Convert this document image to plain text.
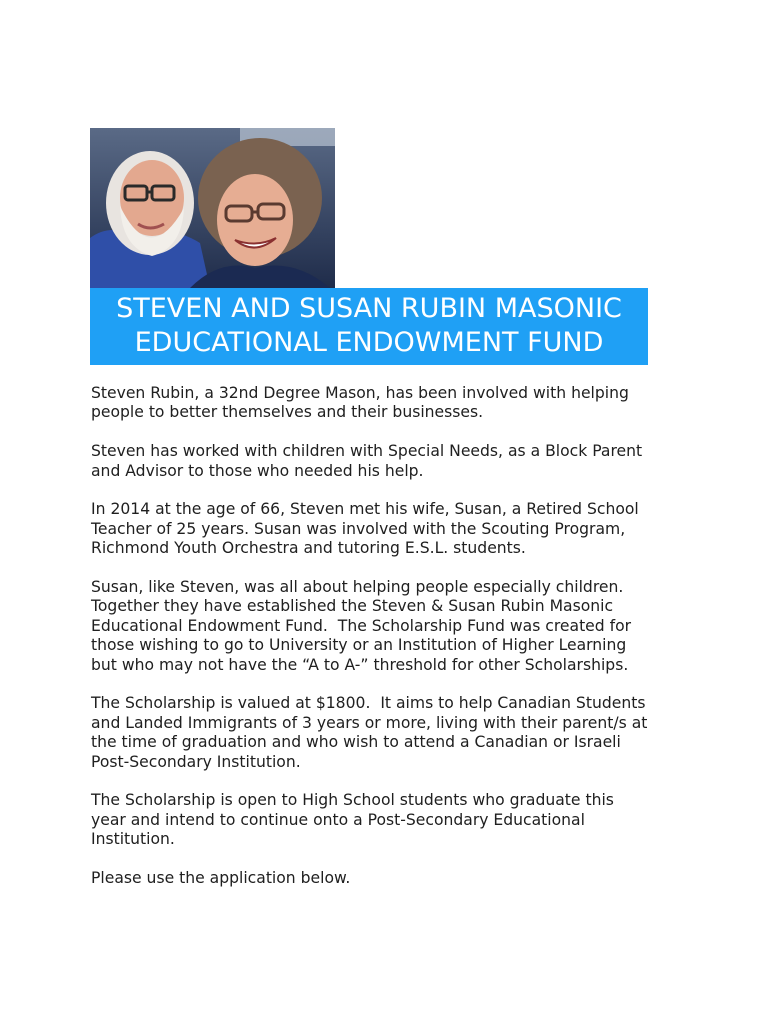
STEVEN AND SUSAN RUBIN MASONIC
EDUCATIONAL ENDOWMENT FUND

Steven Rubin, a 32nd Degree Mason, has been involved with helping
people to better themselves and their businesses.

Steven has worked with children with Special Needs, as a Block Parent
and Advisor to those who needed his help.

In 2014 at the age of 66, Steven met his wife, Susan, a Retired School
Teacher of 25 years. Susan was involved with the Scouting Program,
Richmond Youth Orchestra and tutoring E.S.L. students.

Susan, like Steven, was all about helping people especially children.
Together they have established the Steven & Susan Rubin Masonic
Educational Endowment Fund.  The Scholarship Fund was created for
those wishing to go to University or an Institution of Higher Learning
but who may not have the “A to A-” threshold for other Scholarships.

The Scholarship is valued at $1800.  It aims to help Canadian Students
and Landed Immigrants of 3 years or more, living with their parent/s at
the time of graduation and who wish to attend a Canadian or Israeli
Post-Secondary Institution.

The Scholarship is open to High School students who graduate this
year and intend to continue onto a Post-Secondary Educational
Institution.

Please use the application below.
